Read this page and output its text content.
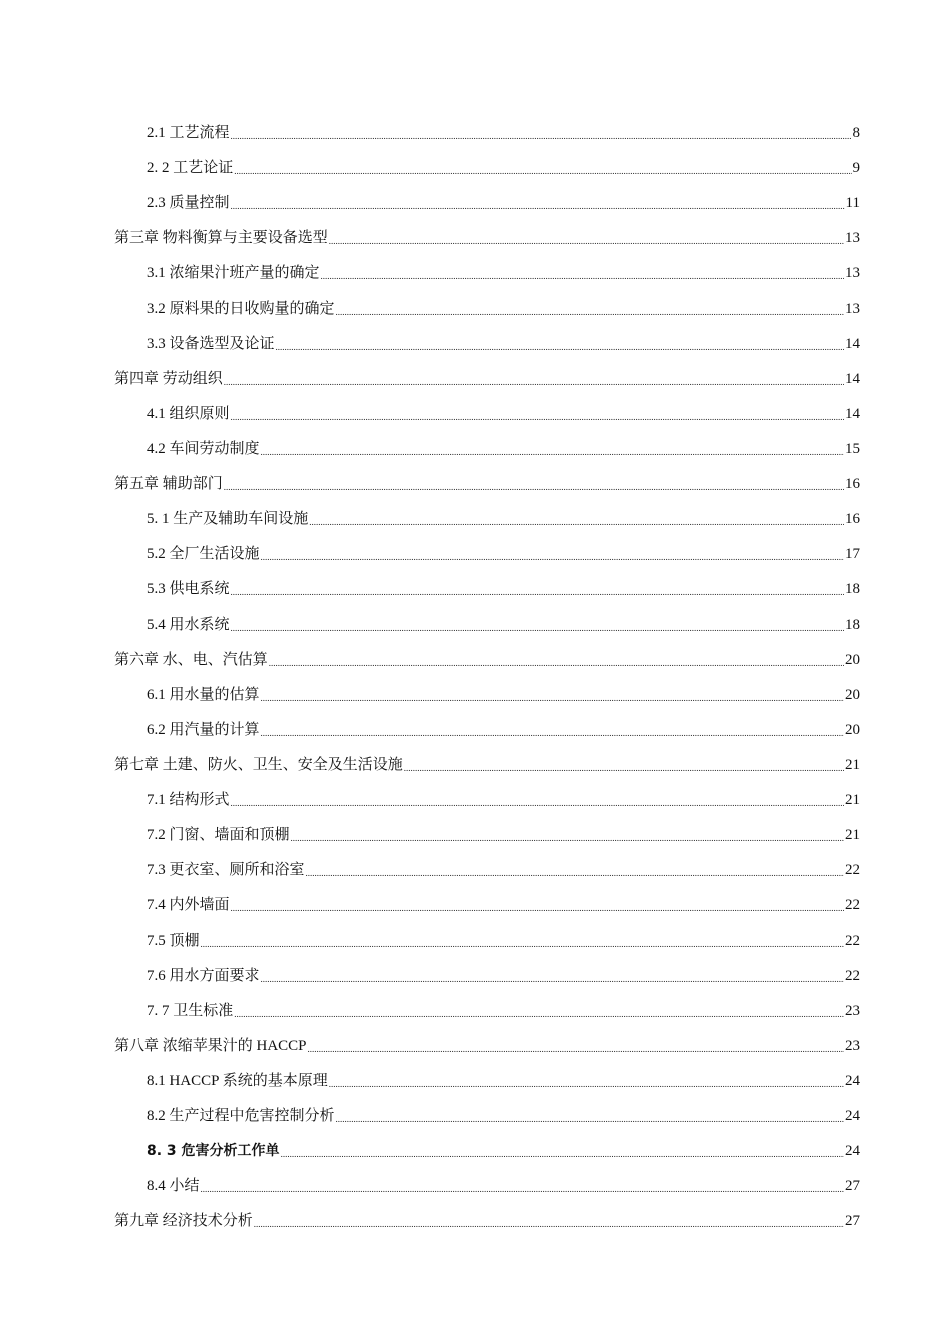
2.1 工艺流程 .....	8
2. 2 工艺论证 .....	9
2.3 质量控制 .....	11
第三章 物料衡算与主要设备选型 .....	13
3.1 浓缩果汁班产量的确定 .....	13
3.2 原料果的日收购量的确定 .....	13
3.3 设备选型及论证 .....	14
第四章 劳动组织 .....	14
4.1 组织原则 .....	14
4.2 车间劳动制度 .....	15
第五章 辅助部门 .....	16
5. 1 生产及辅助车间设施 .....	16
5.2 全厂生活设施 .....	17
5.3 供电系统 .....	18
5.4 用水系统 .....	18
第六章 水、电、汽估算 .....	20
6.1 用水量的估算 .....	20
6.2 用汽量的计算 .....	20
第七章 土建、防火、卫生、安全及生活设施 .....	21
7.1 结构形式 .....	21
7.2 门窗、墙面和顶棚 .....	21
7.3 更衣室、厕所和浴室 .....	22
7.4 内外墙面 .....	22
7.5 顶棚 .....	22
7.6 用水方面要求 .....	22
7. 7 卫生标准 .....	23
第八章 浓缩苹果汁的 HACCP .....	23
8.1 HACCP 系统的基本原理 .....	24
8.2 生产过程中危害控制分析 .....	24
8. 3 危害分析工作单 .....	24
8.4 小结 .....	27
第九章 经济技术分析 .....	27
